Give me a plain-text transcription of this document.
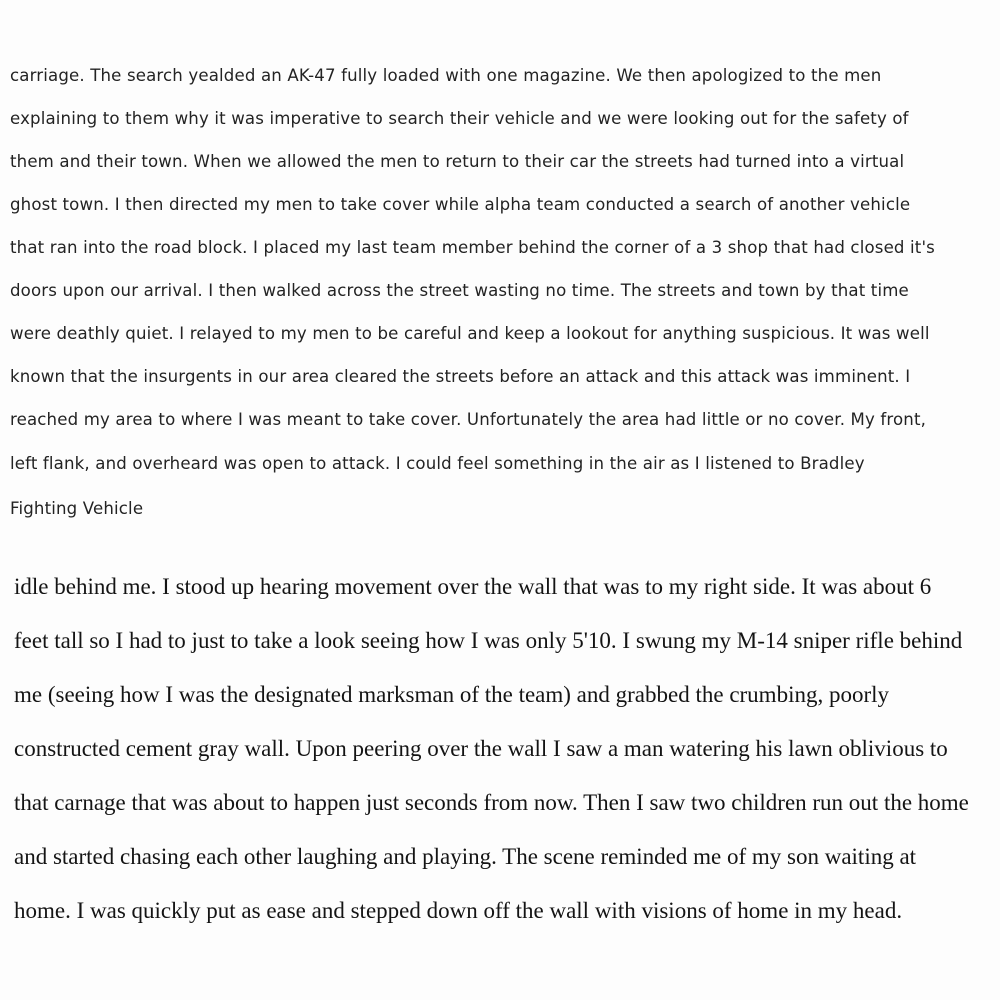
carriage. The search yealded an AK-47 fully loaded with one magazine. We then apologized to the men

explaining to them why it was imperative to search their vehicle and we were looking out for the safety of

them and their town. When we allowed the men to return to their car the streets had turned into a virtual

ghost town. I then directed my men to take cover while alpha team conducted a search of another vehicle

that ran into the road block. I placed my last team member behind the corner of a 3 shop that had closed it's

doors upon our arrival. I then walked across the street wasting no time. The streets and town by that time

were deathly quiet. I relayed to my men to be careful and keep a lookout for anything suspicious. It was well

known that the insurgents in our area cleared the streets before an attack and this attack was imminent. I

reached my area to where I was meant to take cover. Unfortunately the area had little or no cover. My front,

left flank, and overheard was open to attack. I could feel something in the air as I listened to Bradley

Fighting Vehicle

idle behind me. I stood up hearing movement over the wall that was to my right side. It was about 6

feet tall so I had to just to take a look seeing how I was only 5'10. I swung my M-14 sniper rifle behind

me (seeing how I was the designated marksman of the team) and grabbed the crumbing, poorly

constructed cement gray wall. Upon peering over the wall I saw a man watering his lawn oblivious to

that carnage that was about to happen just seconds from now. Then I saw two children run out the home

and started chasing each other laughing and playing. The scene reminded me of my son waiting at

home. I was quickly put as ease and stepped down off the wall with visions of home in my head.
